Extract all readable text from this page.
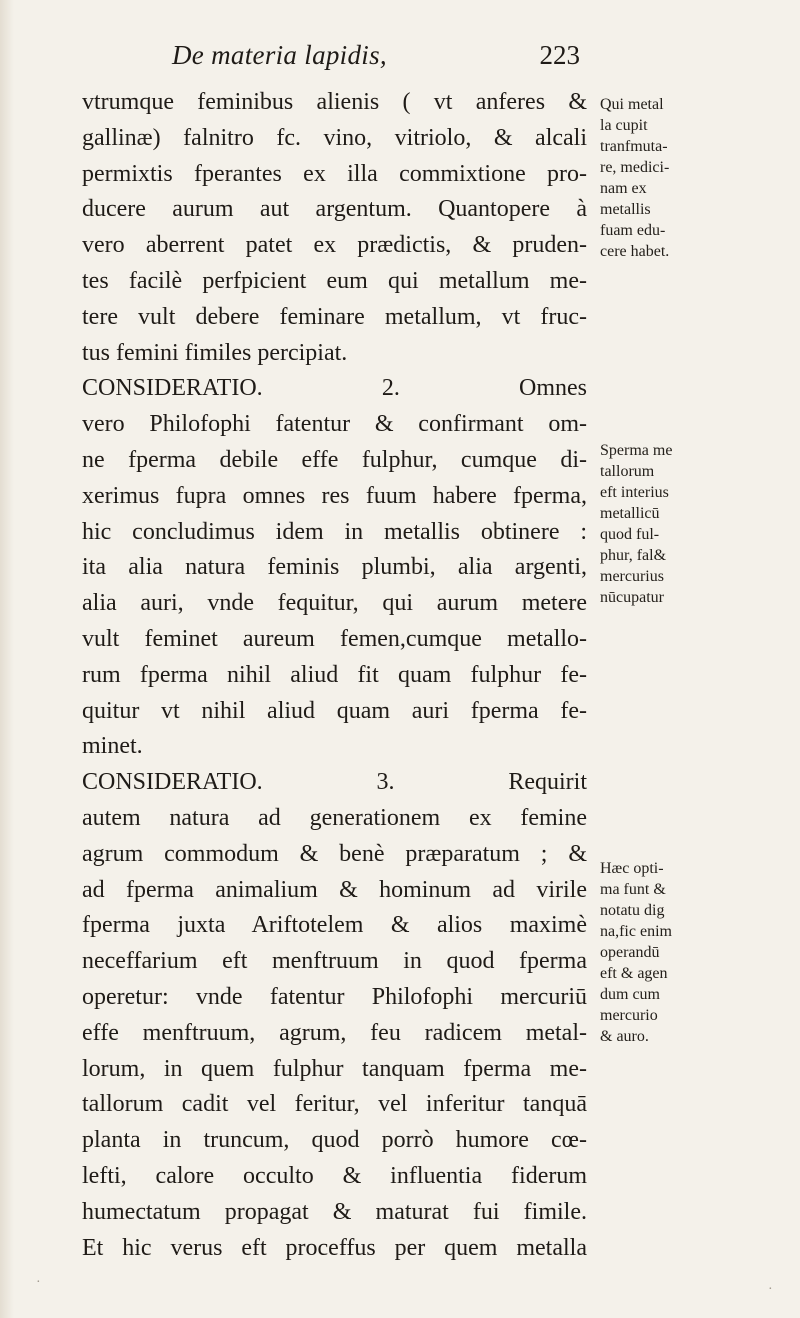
De materia lapidis,	223
vtrumque feminibus alienis ( vt anferes &
gallinæ) falnitro fc. vino, vitriolo, & alcali
permixtis fperantes ex illa commixtione pro-
ducere aurum aut argentum. Quantopere à
vero aberrent patet ex prædictis, & pruden-
tes facilè perfpicient eum qui metallum me-
tere vult debere feminare metallum, vt fruc-
tus femini fimiles percipiat.
CONSIDERATIO. 2. Omnes
vero Philofophi fatentur & confirmant om-
ne fperma debile effe fulphur, cumque di-
xerimus fupra omnes res fuum habere fperma,
hic concludimus idem in metallis obtinere :
ita alia natura feminis plumbi, alia argenti,
alia auri, vnde fequitur, qui aurum metere
vult feminet aureum femen,cumque metallo-
rum fperma nihil aliud fit quam fulphur fe-
quitur vt nihil aliud quam auri fperma fe-
minet.
CONSIDERATIO. 3. Requirit
autem natura ad generationem ex femine
agrum commodum & benè præparatum ; &
ad fperma animalium & hominum ad virile
fperma juxta Ariftotelem & alios maximè
neceffarium eft menftruum in quod fperma
operetur: vnde fatentur Philofophi mercuriū
effe menftruum, agrum, feu radicem metal-
lorum, in quem fulphur tanquam fperma me-
tallorum cadit vel feritur, vel inferitur tanquā
planta in truncum, quod porrò humore cœ-
lefti, calore occulto & influentia fiderum
humectatum propagat & maturat fui fimile.
Et hic verus eft proceffus per quem metalla
Qui metal
la cupit
tranfmuta-
re, medici-
nam ex
metallis
fuam edu-
cere habet.
Sperma me
tallorum
eft interius
metallicū
quod ful-
phur, fal&
mercurius
nūcupatur
Hæc opti-
ma funt &
notatu dig
na,fic enim
operandū
eft & agen
dum cum
mercurio
& auro.
·	·
